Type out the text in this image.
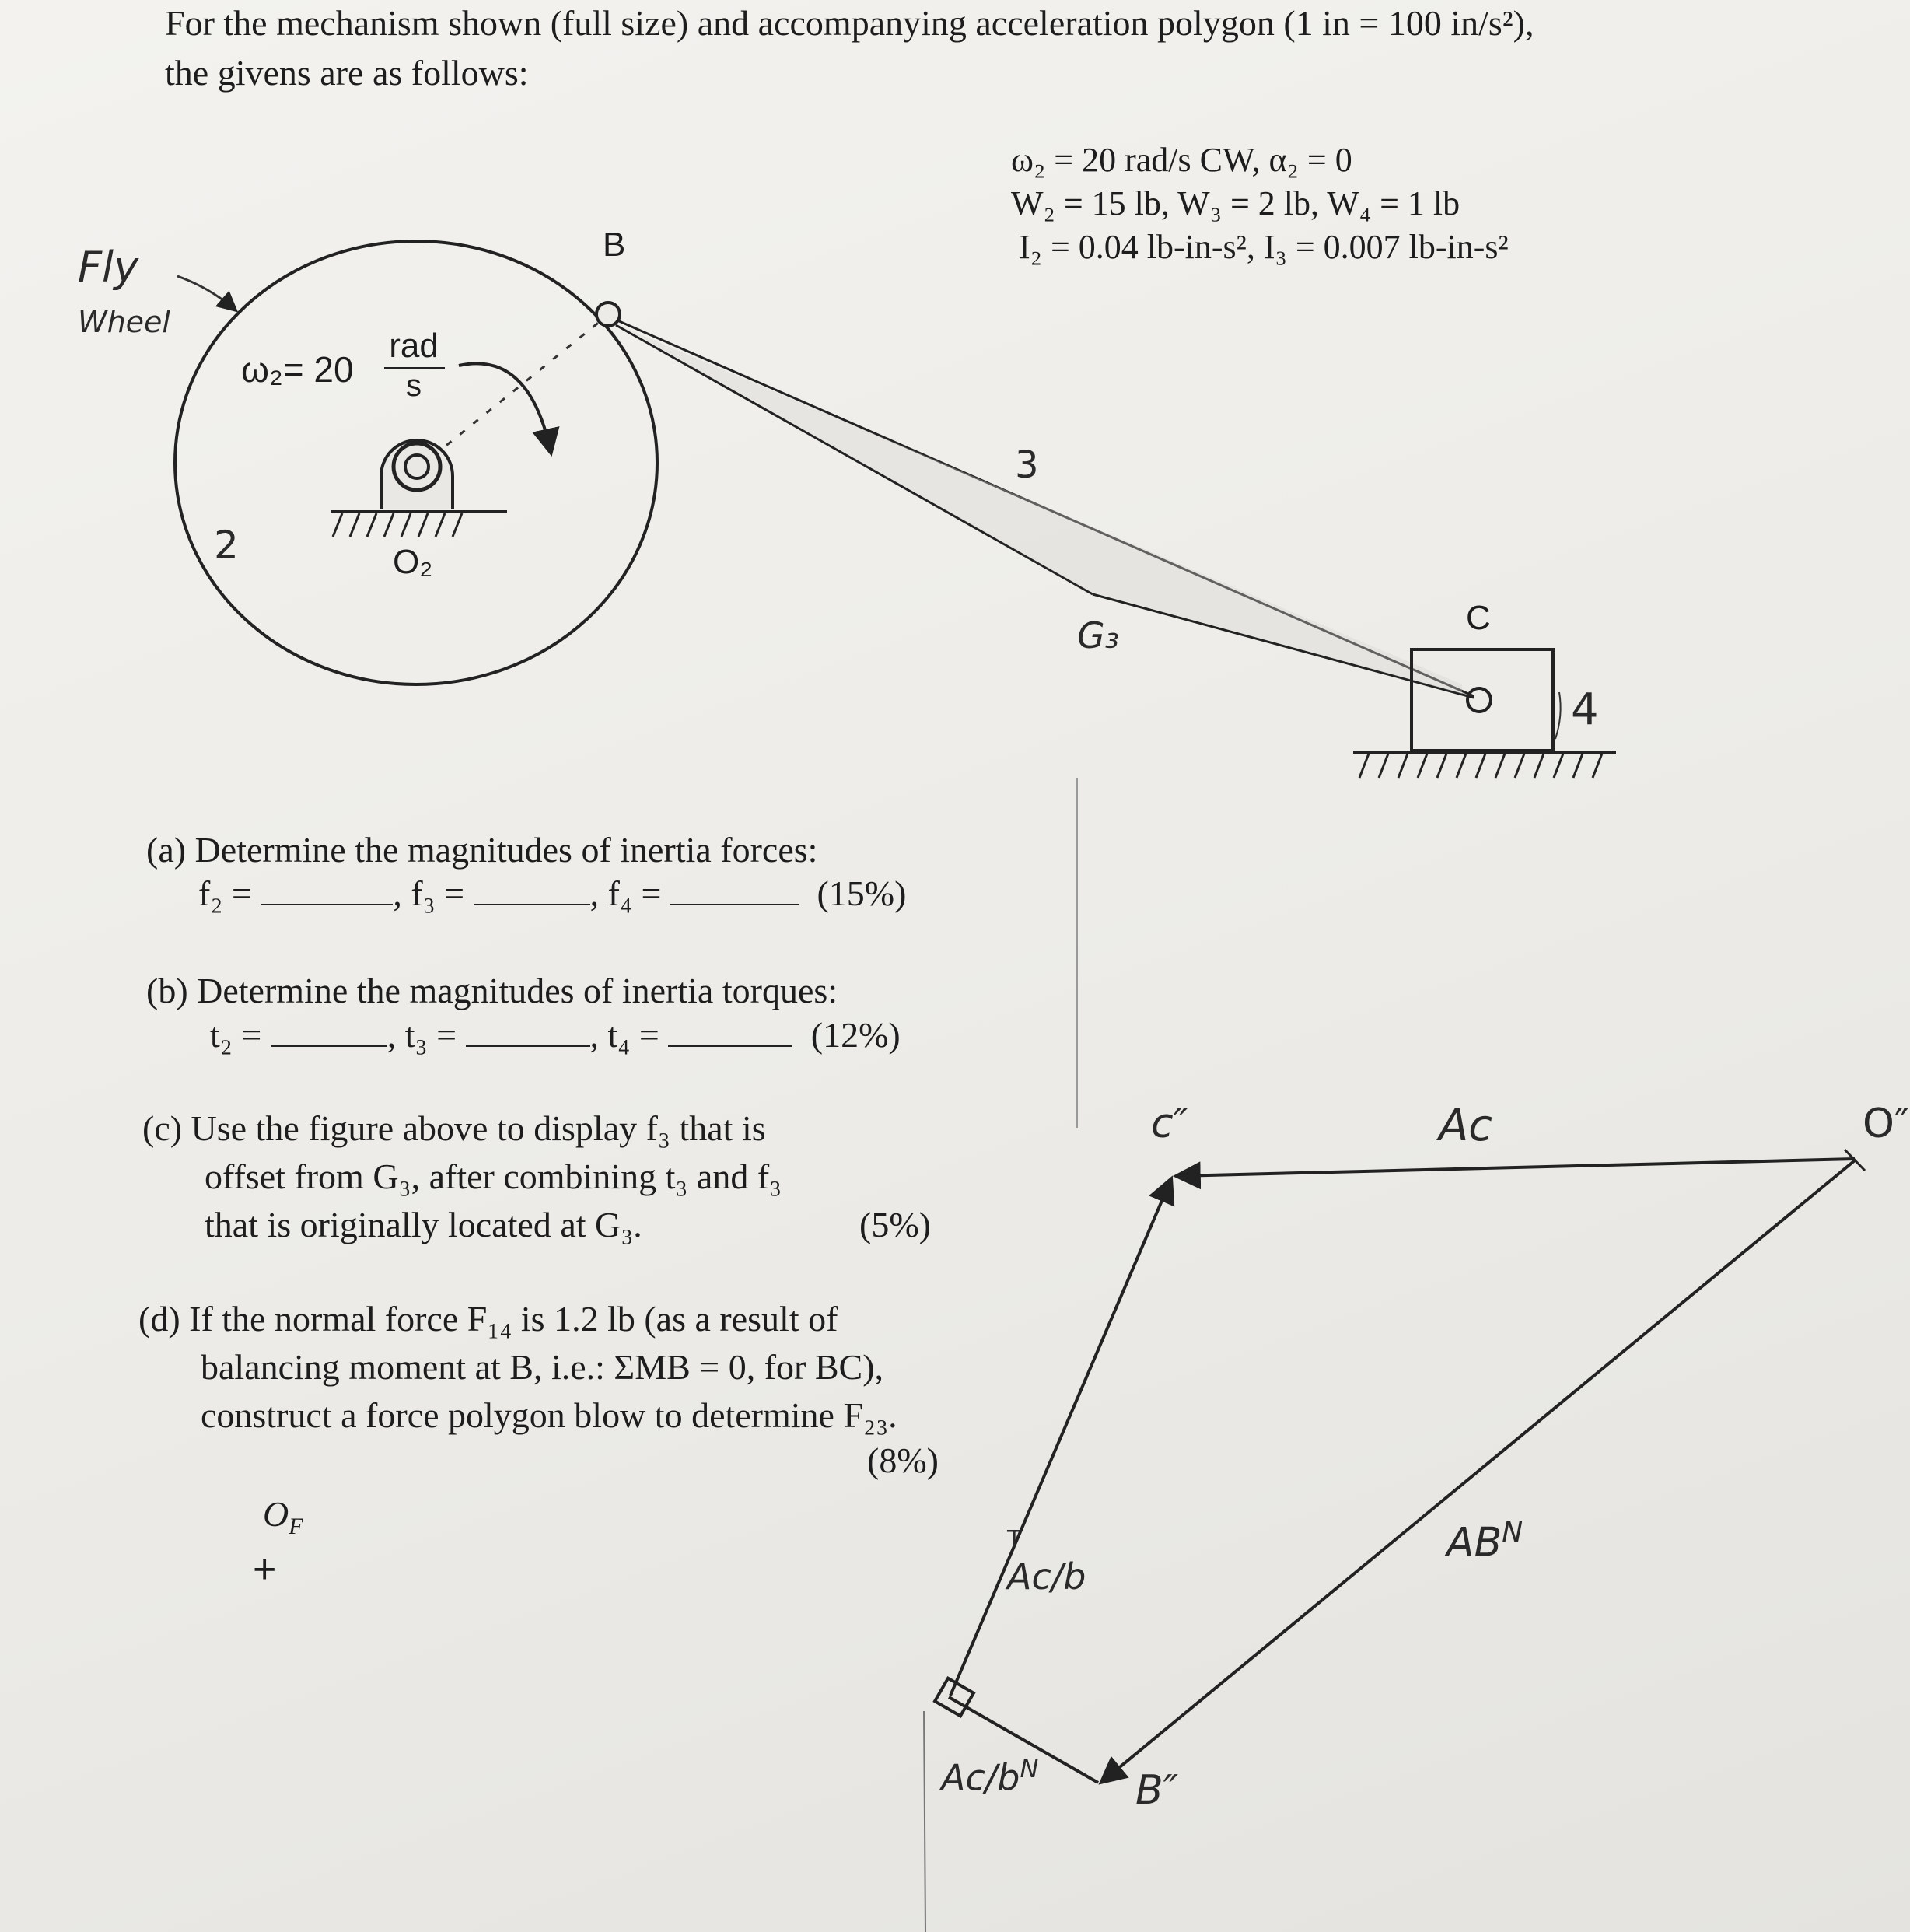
For the mechanism shown (full size) and accompanying acceleration polygon (1 in = 100 in/s²),
the givens are as follows:
ω₂ = 20 rad/s CW, α₂ = 0
W₂ = 15 lb, W₃ = 2 lb, W₄ = 1 lb
I₂ = 0.04 lb-in-s², I₃ = 0.007 lb-in-s²
Fly
Wheel
ω₂= 20
rad
s
O₂
2
B
3
G₃	C
4
(a) Determine the magnitudes of inertia forces:
f₂ =	, f₃ =	, f₄ =	(15%)
(b) Determine the magnitudes of inertia torques:
t₂ =	, t₃ =	, t₄ =	(12%)
(c) Use the figure above to display f₃ that is
offset from G₃, after combining t₃ and f₃
that is originally located at G₃.	(5%)
(d) If the normal force F₁₄ is 1.2 lb (as a result of
balancing moment at B, i.e.: ΣMB = 0, for BC),
construct a force polygon blow to determine F₂₃.
(8%)
$O_F$
+
O″
c″
B″
Ac
$AB^N$
T
Ac/b
$Ac/b^N$
